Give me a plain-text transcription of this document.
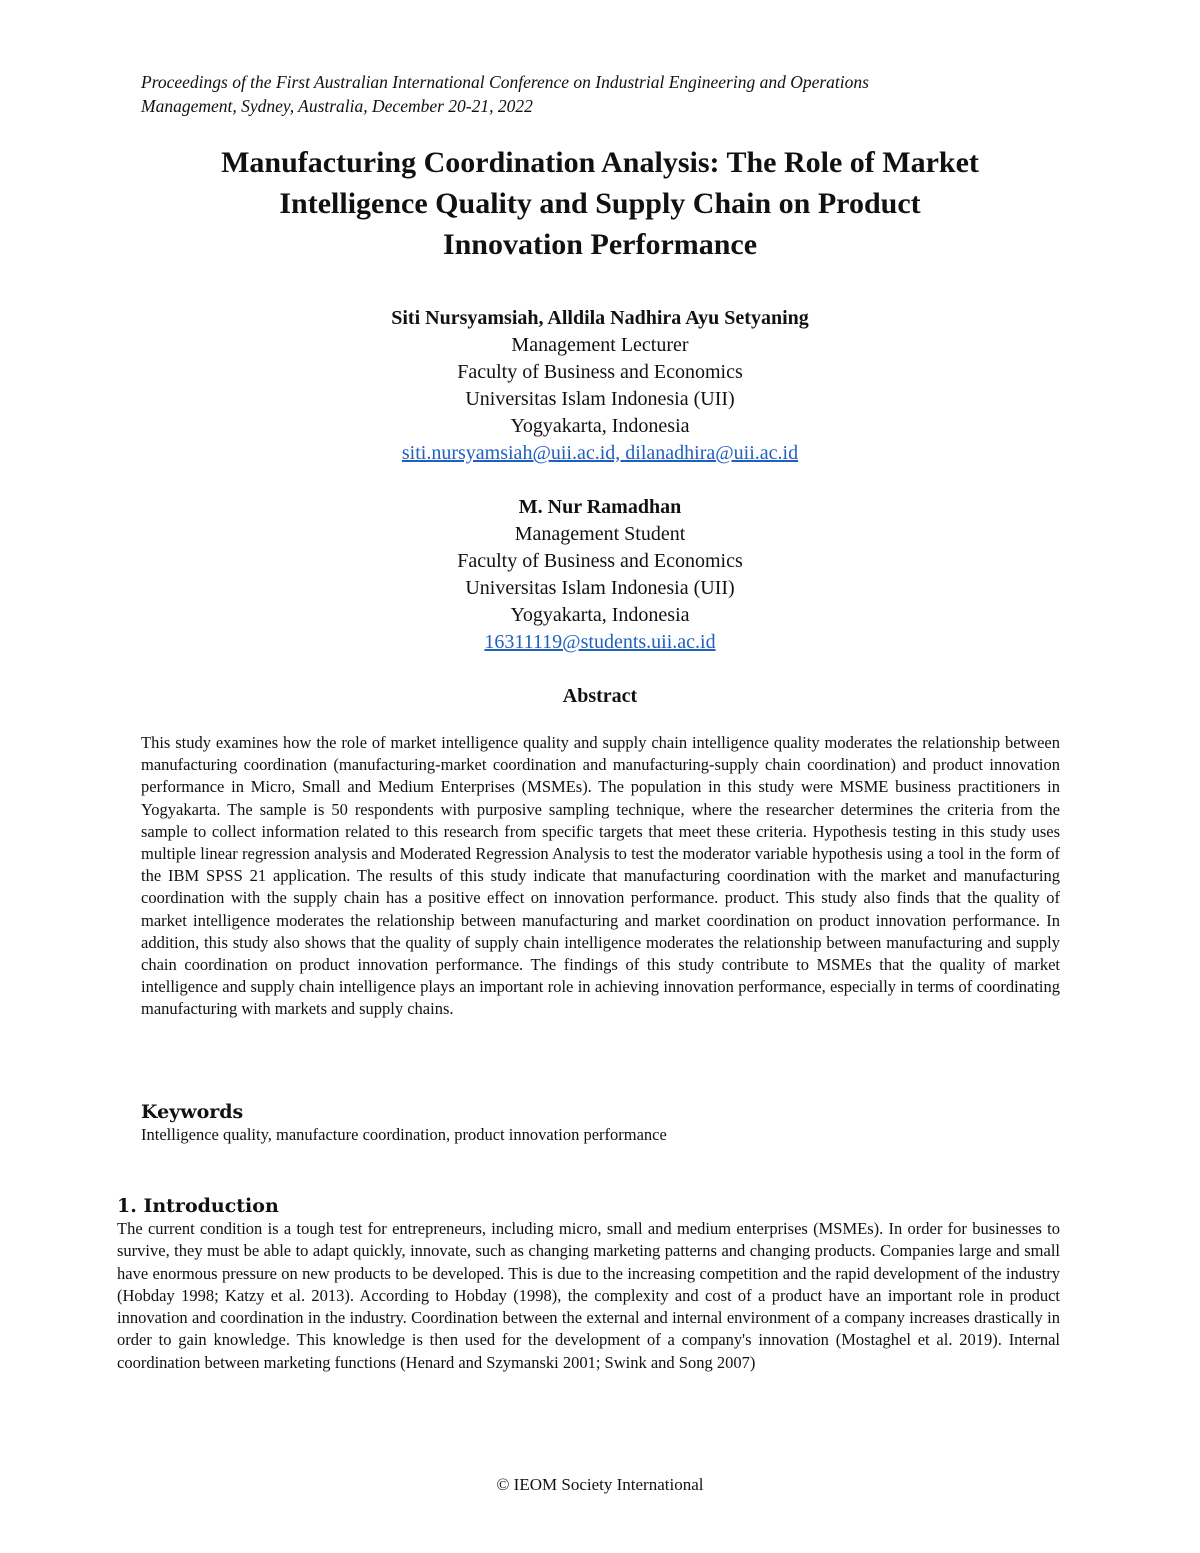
Proceedings of the First Australian International Conference on Industrial Engineering and Operations
Management, Sydney, Australia, December 20-21, 2022
Manufacturing Coordination Analysis: The Role of Market
Intelligence Quality and Supply Chain on Product
Innovation Performance
Siti Nursyamsiah, Alldila Nadhira Ayu Setyaning
Management Lecturer
Faculty of Business and Economics
Universitas Islam Indonesia (UII)
Yogyakarta, Indonesia
siti.nursyamsiah@uii.ac.id, dilanadhira@uii.ac.id
M. Nur Ramadhan
Management Student
Faculty of Business and Economics
Universitas Islam Indonesia (UII)
Yogyakarta, Indonesia
16311119@students.uii.ac.id
Abstract
This study examines how the role of market intelligence quality and supply chain intelligence quality moderates the relationship between manufacturing coordination (manufacturing-market coordination and manufacturing-supply chain coordination) and product innovation performance in Micro, Small and Medium Enterprises (MSMEs). The population in this study were MSME business practitioners in Yogyakarta. The sample is 50 respondents with purposive sampling technique, where the researcher determines the criteria from the sample to collect information related to this research from specific targets that meet these criteria. Hypothesis testing in this study uses multiple linear regression analysis and Moderated Regression Analysis to test the moderator variable hypothesis using a tool in the form of the IBM SPSS 21 application. The results of this study indicate that manufacturing coordination with the market and manufacturing coordination with the supply chain has a positive effect on innovation performance. product. This study also finds that the quality of market intelligence moderates the relationship between manufacturing and market coordination on product innovation performance. In addition, this study also shows that the quality of supply chain intelligence moderates the relationship between manufacturing and supply chain coordination on product innovation performance. The findings of this study contribute to MSMEs that the quality of market intelligence and supply chain intelligence plays an important role in achieving innovation performance, especially in terms of coordinating manufacturing with markets and supply chains.
Keywords
Intelligence quality, manufacture coordination, product innovation performance
1. Introduction
The current condition is a tough test for entrepreneurs, including micro, small and medium enterprises (MSMEs). In order for businesses to survive, they must be able to adapt quickly, innovate, such as changing marketing patterns and changing products. Companies large and small have enormous pressure on new products to be developed. This is due to the increasing competition and the rapid development of the industry (Hobday 1998; Katzy et al. 2013). According to Hobday (1998), the complexity and cost of a product have an important role in product innovation and coordination in the industry. Coordination between the external and internal environment of a company increases drastically in order to gain knowledge. This knowledge is then used for the development of a company's innovation (Mostaghel et al. 2019). Internal coordination between marketing functions (Henard and Szymanski 2001; Swink and Song 2007)
© IEOM Society International
